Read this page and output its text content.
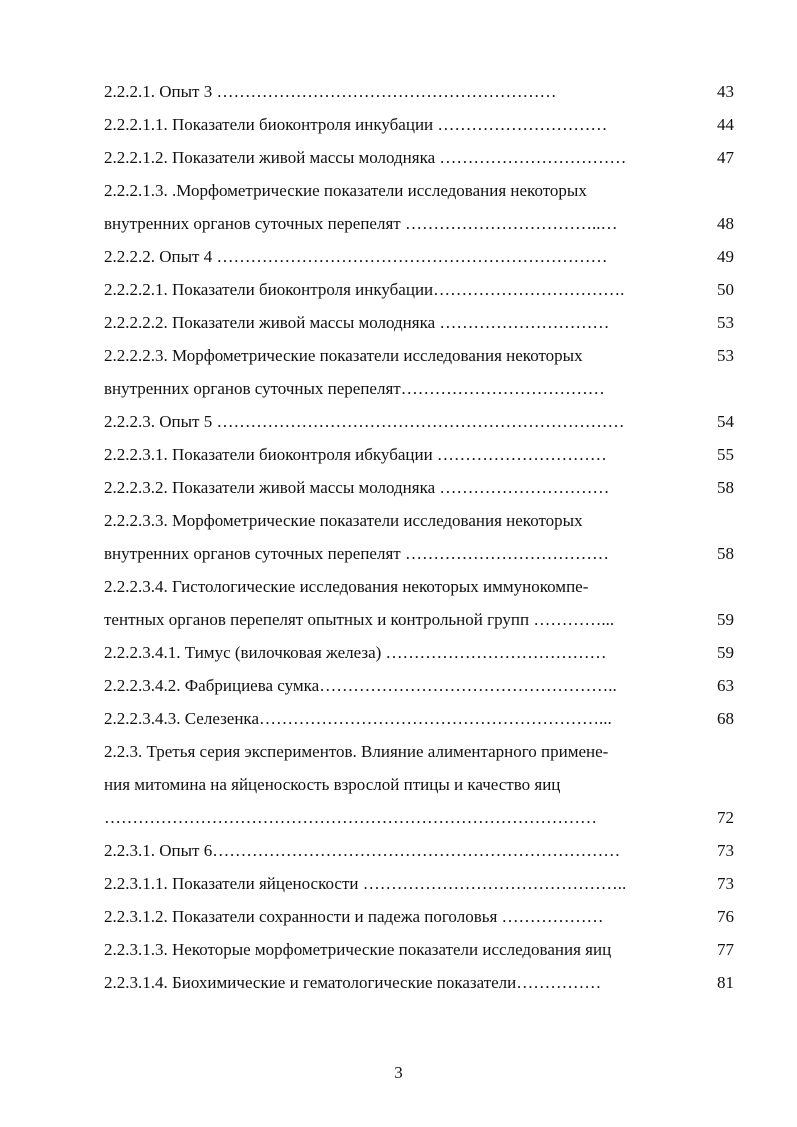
2.2.2.1. Опыт 3 ……………………………………………………	43
2.2.2.1.1. Показатели биоконтроля инкубации …………………………	44
2.2.2.1.2. Показатели живой массы молодняка ……………………………	47
2.2.2.1.3. .Морфометрические показатели исследования некоторых
внутренних органов суточных перепелят ……………………………..…	48
2.2.2.2. Опыт 4 ……………………………………………………………	49
2.2.2.2.1. Показатели биоконтроля инкубации…………………………….	50
2.2.2.2.2. Показатели живой массы молодняка …………………………	53
2.2.2.2.3. Морфометрические показатели исследования некоторых	53
внутренних органов суточных перепелят………………………………
2.2.2.3. Опыт 5 ………………………………………………………………	54
2.2.2.3.1. Показатели биоконтроля ибкубации …………………………	55
2.2.2.3.2. Показатели живой массы молодняка …………………………	58
2.2.2.3.3. Морфометрические показатели исследования некоторых
внутренних органов суточных перепелят ………………………………	58
2.2.2.3.4. Гистологические исследования некоторых иммунокомпе-
тентных органов перепелят опытных и контрольной групп …………...	59
2.2.2.3.4.1. Тимус (вилочковая железа) …………………………………	59
2.2.2.3.4.2. Фабрициева сумка……………………………………………..	63
2.2.2.3.4.3. Селезенка……………………………………………………...	68
2.2.3. Третья серия экспериментов. Влияние алиментарного примене-
ния митомина на яйценоскость взрослой птицы и качество яиц
……………………………………………………………………………	72
2.2.3.1. Опыт 6………………………………………………………………	73
2.2.3.1.1. Показатели яйценоскости ………………………………………..	73
2.2.3.1.2. Показатели сохранности и падежа поголовья ………………	76
2.2.3.1.3. Некоторые морфометрические показатели исследования яиц	77
2.2.3.1.4. Биохимические и гематологические показатели……………	81
3
